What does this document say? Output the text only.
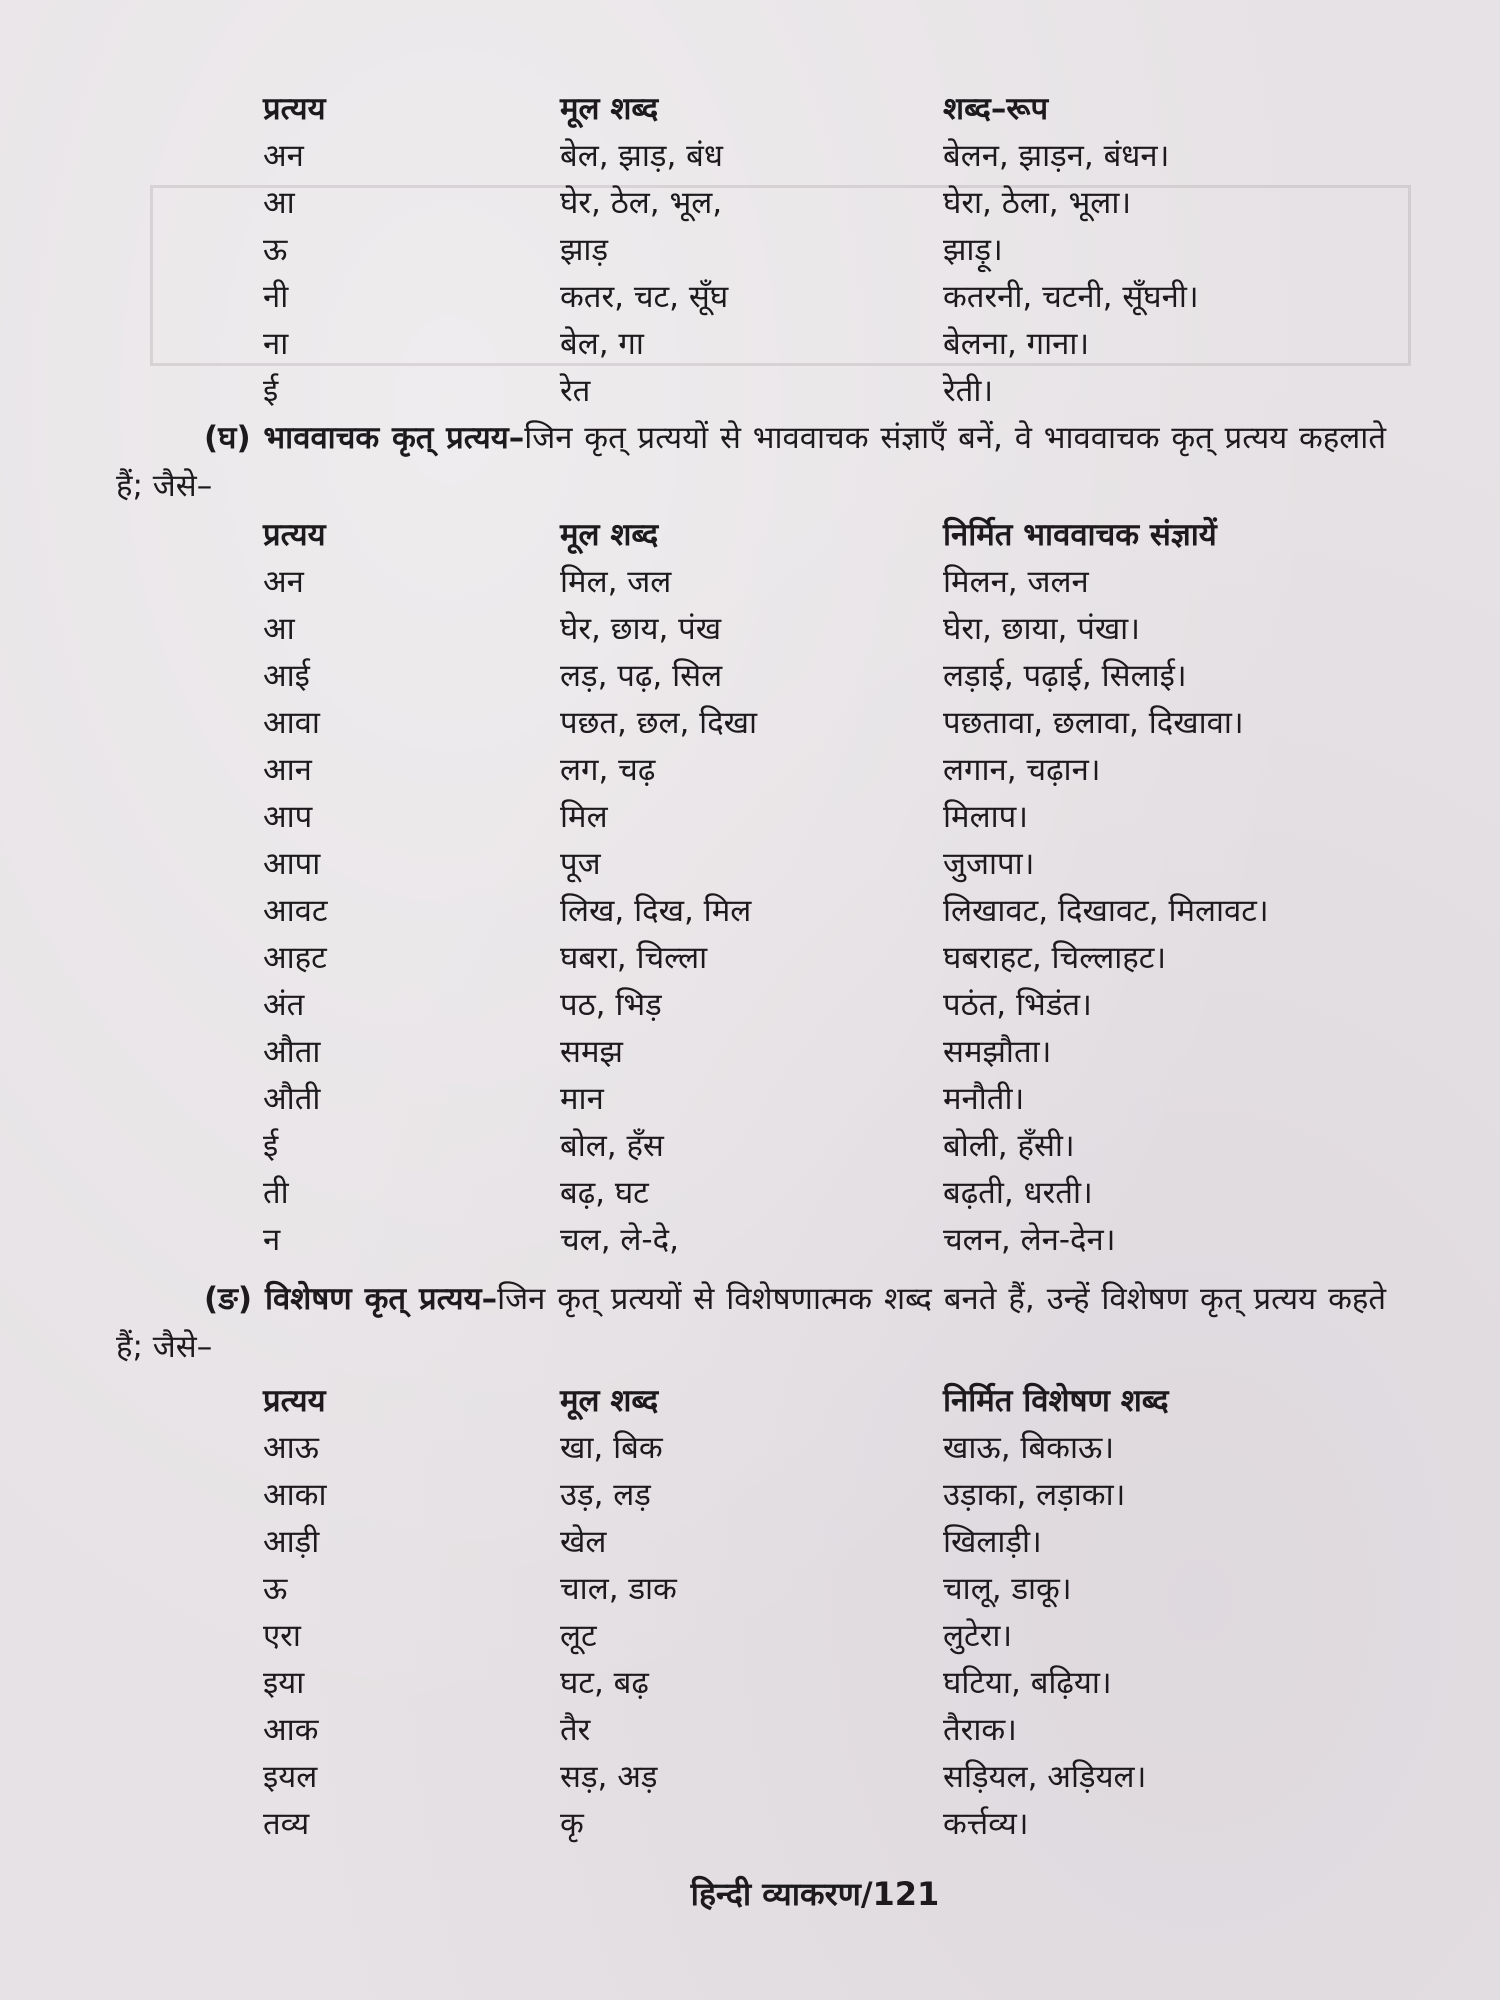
प्रत्यय	मूल शब्द	शब्द–रूप
अन	बेल, झाड़, बंध	बेलन, झाड़न, बंधन।
आ	घेर, ठेल, भूल,	घेरा, ठेला, भूला।
ऊ	झाड़	झाड़ू।
नी	कतर, चट, सूँघ	कतरनी, चटनी, सूँघनी।
ना	बेल, गा	बेलना, गाना।
ई	रेत	रेती।
(घ) भाववाचक कृत् प्रत्यय–जिन कृत् प्रत्ययों से भाववाचक संज्ञाएँ बनें, वे भाववाचक कृत् प्रत्यय कहलाते हैं; जैसे–
प्रत्यय	मूल शब्द	निर्मित भाववाचक संज्ञायें
अन	मिल, जल	मिलन, जलन
आ	घेर, छाय, पंख	घेरा, छाया, पंखा।
आई	लड़, पढ़, सिल	लड़ाई, पढ़ाई, सिलाई।
आवा	पछत, छल, दिखा	पछतावा, छलावा, दिखावा।
आन	लग, चढ़	लगान, चढ़ान।
आप	मिल	मिलाप।
आपा	पूज	जुजापा।
आवट	लिख, दिख, मिल	लिखावट, दिखावट, मिलावट।
आहट	घबरा, चिल्ला	घबराहट, चिल्लाहट।
अंत	पठ, भिड़	पठंत, भिडंत।
औता	समझ	समझौता।
औती	मान	मनौती।
ई	बोल, हँस	बोली, हँसी।
ती	बढ़, घट	बढ़ती, धरती।
न	चल, ले-दे,	चलन, लेन-देन।
(ङ) विशेषण कृत् प्रत्यय–जिन कृत् प्रत्ययों से विशेषणात्मक शब्द बनते हैं, उन्हें विशेषण कृत् प्रत्यय कहते हैं; जैसे–
प्रत्यय	मूल शब्द	निर्मित विशेषण शब्द
आऊ	खा, बिक	खाऊ, बिकाऊ।
आका	उड़, लड़	उड़ाका, लड़ाका।
आड़ी	खेल	खिलाड़ी।
ऊ	चाल, डाक	चालू, डाकू।
एरा	लूट	लुटेरा।
इया	घट, बढ़	घटिया, बढ़िया।
आक	तैर	तैराक।
इयल	सड़, अड़	सड़ियल, अड़ियल।
तव्य	कृ	कर्त्तव्य।
हिन्दी व्याकरण/121
